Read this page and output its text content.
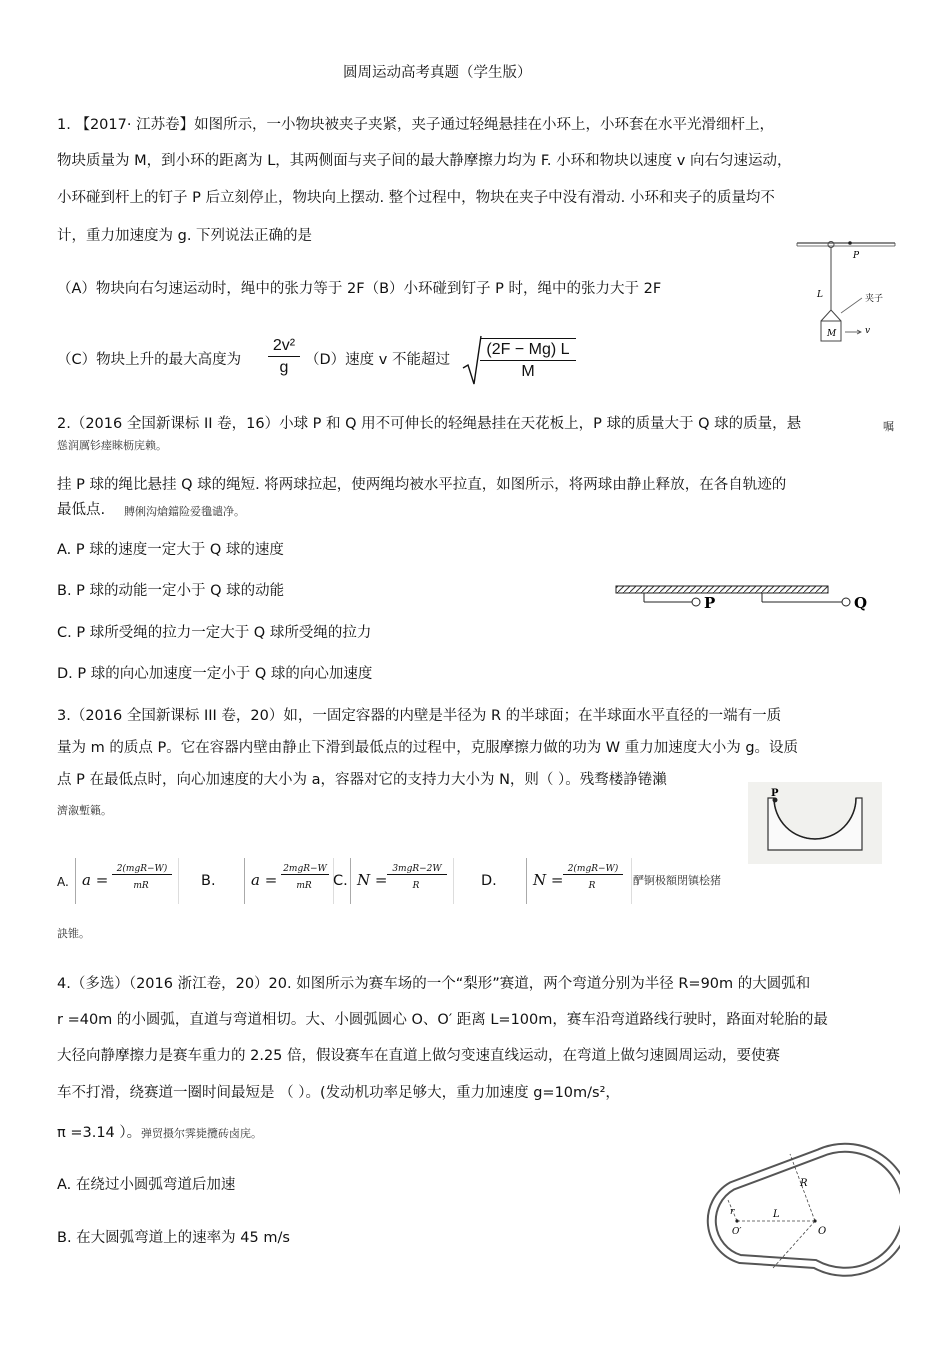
圆周运动高考真题（学生版）
1. 【2017· 江苏卷】如图所示，一小物块被夹子夹紧，夹子通过轻绳悬挂在小环上，小环套在水平光滑细杆上，
物块质量为 M，到小环的距离为 L，其两侧面与夹子间的最大静摩擦力均为 F. 小环和物块以速度 v 向右匀速运动，
小环碰到杆上的钉子 P 后立刻停止，物块向上摆动. 整个过程中，物块在夹子中没有滑动. 小环和夹子的质量均不
计，重力加速度为 g. 下列说法正确的是
（A）物块向右匀速运动时，绳中的张力等于 2F（B）小环碰到钉子 P 时，绳中的张力大于 2F
（C）物块上升的最大高度为 $\frac{\text{2v²}}{g} (D)$速度 v 不能超过 $\frac{(2F - Mg) L}{M}$
P
L	夹子
M	v
2.（2016 全国新课标 II 卷，16）小球 P 和 Q 用不可伸长的轻绳悬挂在天花板上，P 球的质量大于 Q 球的质量，悬	嘱
慫润厲钐瘗睞枥庑赖。
挂 P 球的绳比悬挂 Q 球的绳短. 将两球拉起，使两绳均被水平拉直，如图所示，将两球由静止释放，在各自轨迹的
最低点. 賻俐沟熗鐺险爱氇谴净。
A. P 球的速度一定大于 Q 球的速度
B. P 球的动能一定小于 Q 球的动能
C. P 球所受绳的拉力一定大于 Q 球所受绳的拉力
D. P 球的向心加速度一定小于 Q 球的向心加速度
P	Q
3.（2016 全国新课标 III 卷，20）如，一固定容器的内壁是半径为 R 的半球面；在半球面水平直径的一端有一质
量为 m 的质点 P。它在容器内壁由静止下滑到最低点的过程中，克服摩擦力做的功为 W 重力加速度大小为 g。设质
点 P 在最低点时，向心加速度的大小为 a，容器对它的支持力大小为 N，则（ ）。残骛楼諍锩瀨
濟溆塹籟。
P
A. a =
2(mgR−W)
mR	B. a =
2mgR−W
mR	C. N =
3mgR−2W
R	D. N =
2(mgR−W)
R	酽锕极額閉镇桧猪
訣锥。
4.（多选）（2016 浙江卷，20）20. 如图所示为赛车场的一个“梨形”赛道，两个弯道分别为半径 R=90m 的大圆弧和
r =40m 的小圆弧，直道与弯道相切。大、小圆弧圆心 O、O′ 距离 L=100m，赛车沿弯道路线行驶时，路面对轮胎的最
大径向静摩擦力是赛车重力的 2.25 倍，假设赛车在直道上做匀变速直线运动，在弯道上做匀速圆周运动，要使赛
车不打滑，绕赛道一圈时间最短是 （ ）。(发动机功率足够大，重力加速度 g=10m/s²，
π =3.14 ）。 弹贸摄尔霁毙攬砖卤庑。
A. 在绕过小圆弧弯道后加速
B. 在大圆弧弯道上的速率为 45 m/s
R
r	L
O′	O
